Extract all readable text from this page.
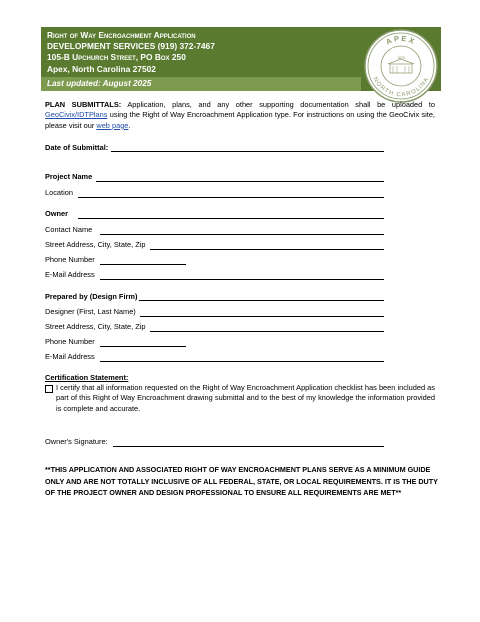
Right of Way Encroachment Application
DEVELOPMENT SERVICES (919) 372-7467
105-B Upchurch Street, PO Box 250
Apex, North Carolina 27502
Last updated: August 2025
APEX
NORTH CAROLINA
1873
PLAN SUBMITTALS: Application, plans, and any other supporting documentation shall be uploaded to GeoCivix/IDTPlans using the Right of Way Encroachment Application type. For instructions on using the GeoCivix site, please visit our web page.
Date of Submittal:
Project Name
Location
Owner
Contact Name
Street Address, City, State, Zip
Phone Number
E-Mail Address
Prepared by (Design Firm)
Designer (First, Last Name)
Street Address, City, State, Zip
Phone Number
E-Mail Address
Certification Statement:
I certify that all information requested on the Right of Way Encroachment Application checklist has been included as part of this Right of Way Encroachment drawing submittal and to the best of my knowledge the information provided is complete and accurate.
Owner's Signature:
**THIS APPLICATION AND ASSOCIATED RIGHT OF WAY ENCROACHMENT PLANS SERVE AS A MINIMUM GUIDE ONLY AND ARE NOT TOTALLY INCLUSIVE OF ALL FEDERAL, STATE, OR LOCAL REQUIREMENTS. IT IS THE DUTY OF THE PROJECT OWNER AND DESIGN PROFESSIONAL TO ENSURE ALL REQUIREMENTS ARE MET**
